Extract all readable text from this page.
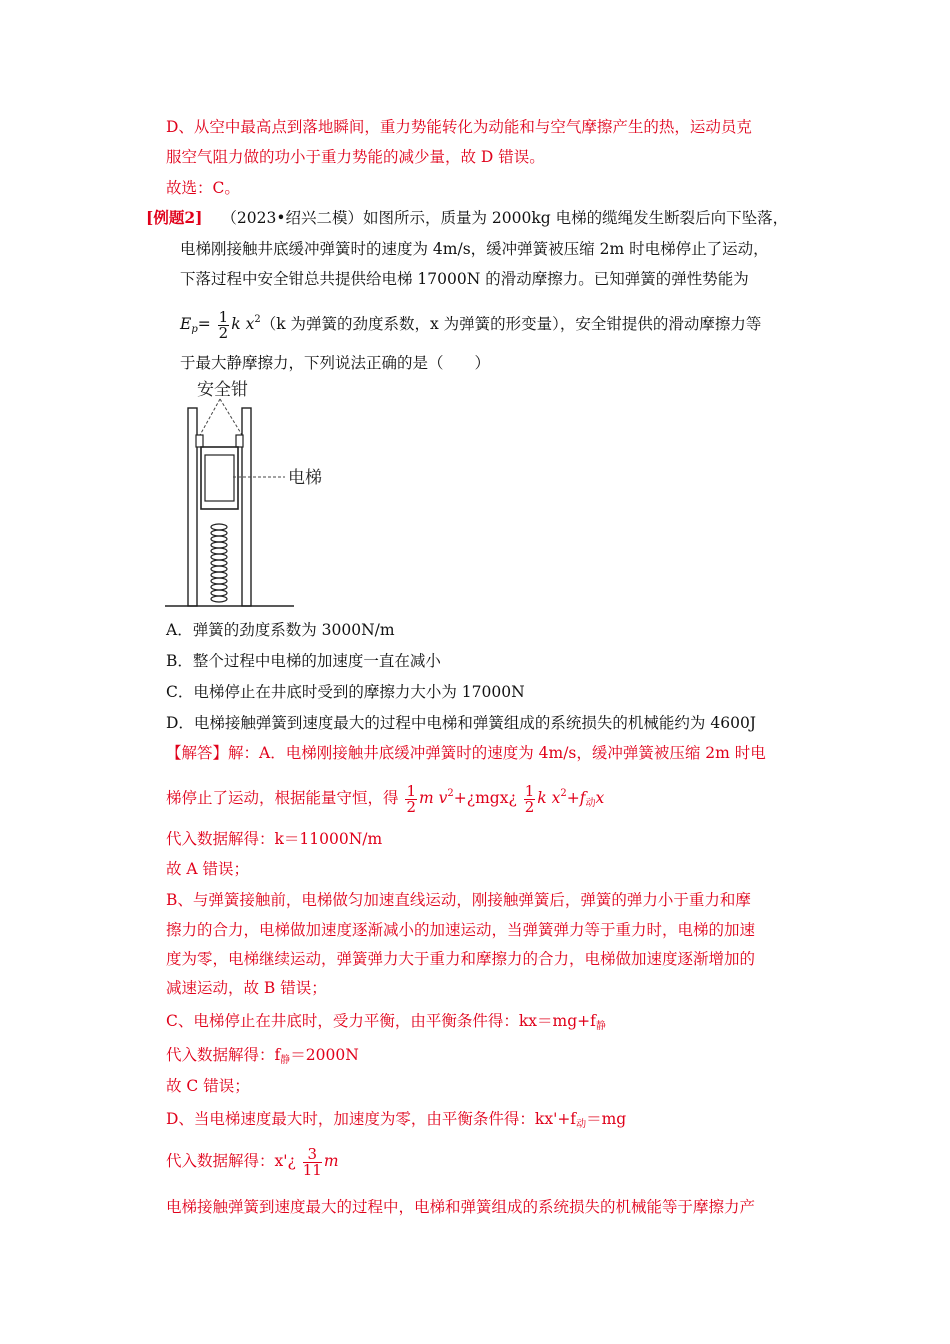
D、从空中最高点到落地瞬间，重力势能转化为动能和与空气摩擦产生的热，运动员克
服空气阻力做的功小于重力势能的减少量，故 D 错误。
故选：C。
[例题2] （2023•绍兴二模）如图所示，质量为 2000kg 电梯的缆绳发生断裂后向下坠落，
电梯刚接触井底缓冲弹簧时的速度为 4m/s，缓冲弹簧被压缩 2m 时电梯停止了运动，
下落过程中安全钳总共提供给电梯 17000N 的滑动摩擦力。已知弹簧的弹性势能为
$E_p= \frac{1}{2}$ k $x^2(k$ 为弹簧的劲度系数，x 为弹簧的形变量），安全钳提供的滑动摩擦力等
于最大静摩擦力，下列说法正确的是（　　）
安全钳
电梯
A．弹簧的劲度系数为 3000N/m
B．整个过程中电梯的加速度一直在减小
C．电梯停止在井底时受到的摩擦力大小为 17000N
D．电梯接触弹簧到速度最大的过程中电梯和弹簧组成的系统损失的机械能约为 4600J
【解答】解：A．电梯刚接触井底缓冲弹簧时的速度为 4m/s，缓冲弹簧被压缩 2m 时电
梯停止了运动，根据能量守恒，得 $\frac{1}{2}$ m $v^2+¿mgx¿ \frac{1}{2}$ k $x^2+f_动x$
代入数据解得：k＝11000N/m
故 A 错误；
B、与弹簧接触前，电梯做匀加速直线运动，刚接触弹簧后，弹簧的弹力小于重力和摩
擦力的合力，电梯做加速度逐渐减小的加速运动，当弹簧弹力等于重力时，电梯的加速
度为零，电梯继续运动，弹簧弹力大于重力和摩擦力的合力，电梯做加速度逐渐增加的
减速运动，故 B 错误；
C、电梯停止在井底时，受力平衡，由平衡条件得：$kx=mg+f_静$
代入数据解得：$f_静=2000N$
故 C 错误；
D、当电梯速度最大时，加速度为零，由平衡条件得：$kx'+f_动=mg$
代入数据解得：x'¿ $\frac{3}{11}$ m
电梯接触弹簧到速度最大的过程中，电梯和弹簧组成的系统损失的机械能等于摩擦力产
